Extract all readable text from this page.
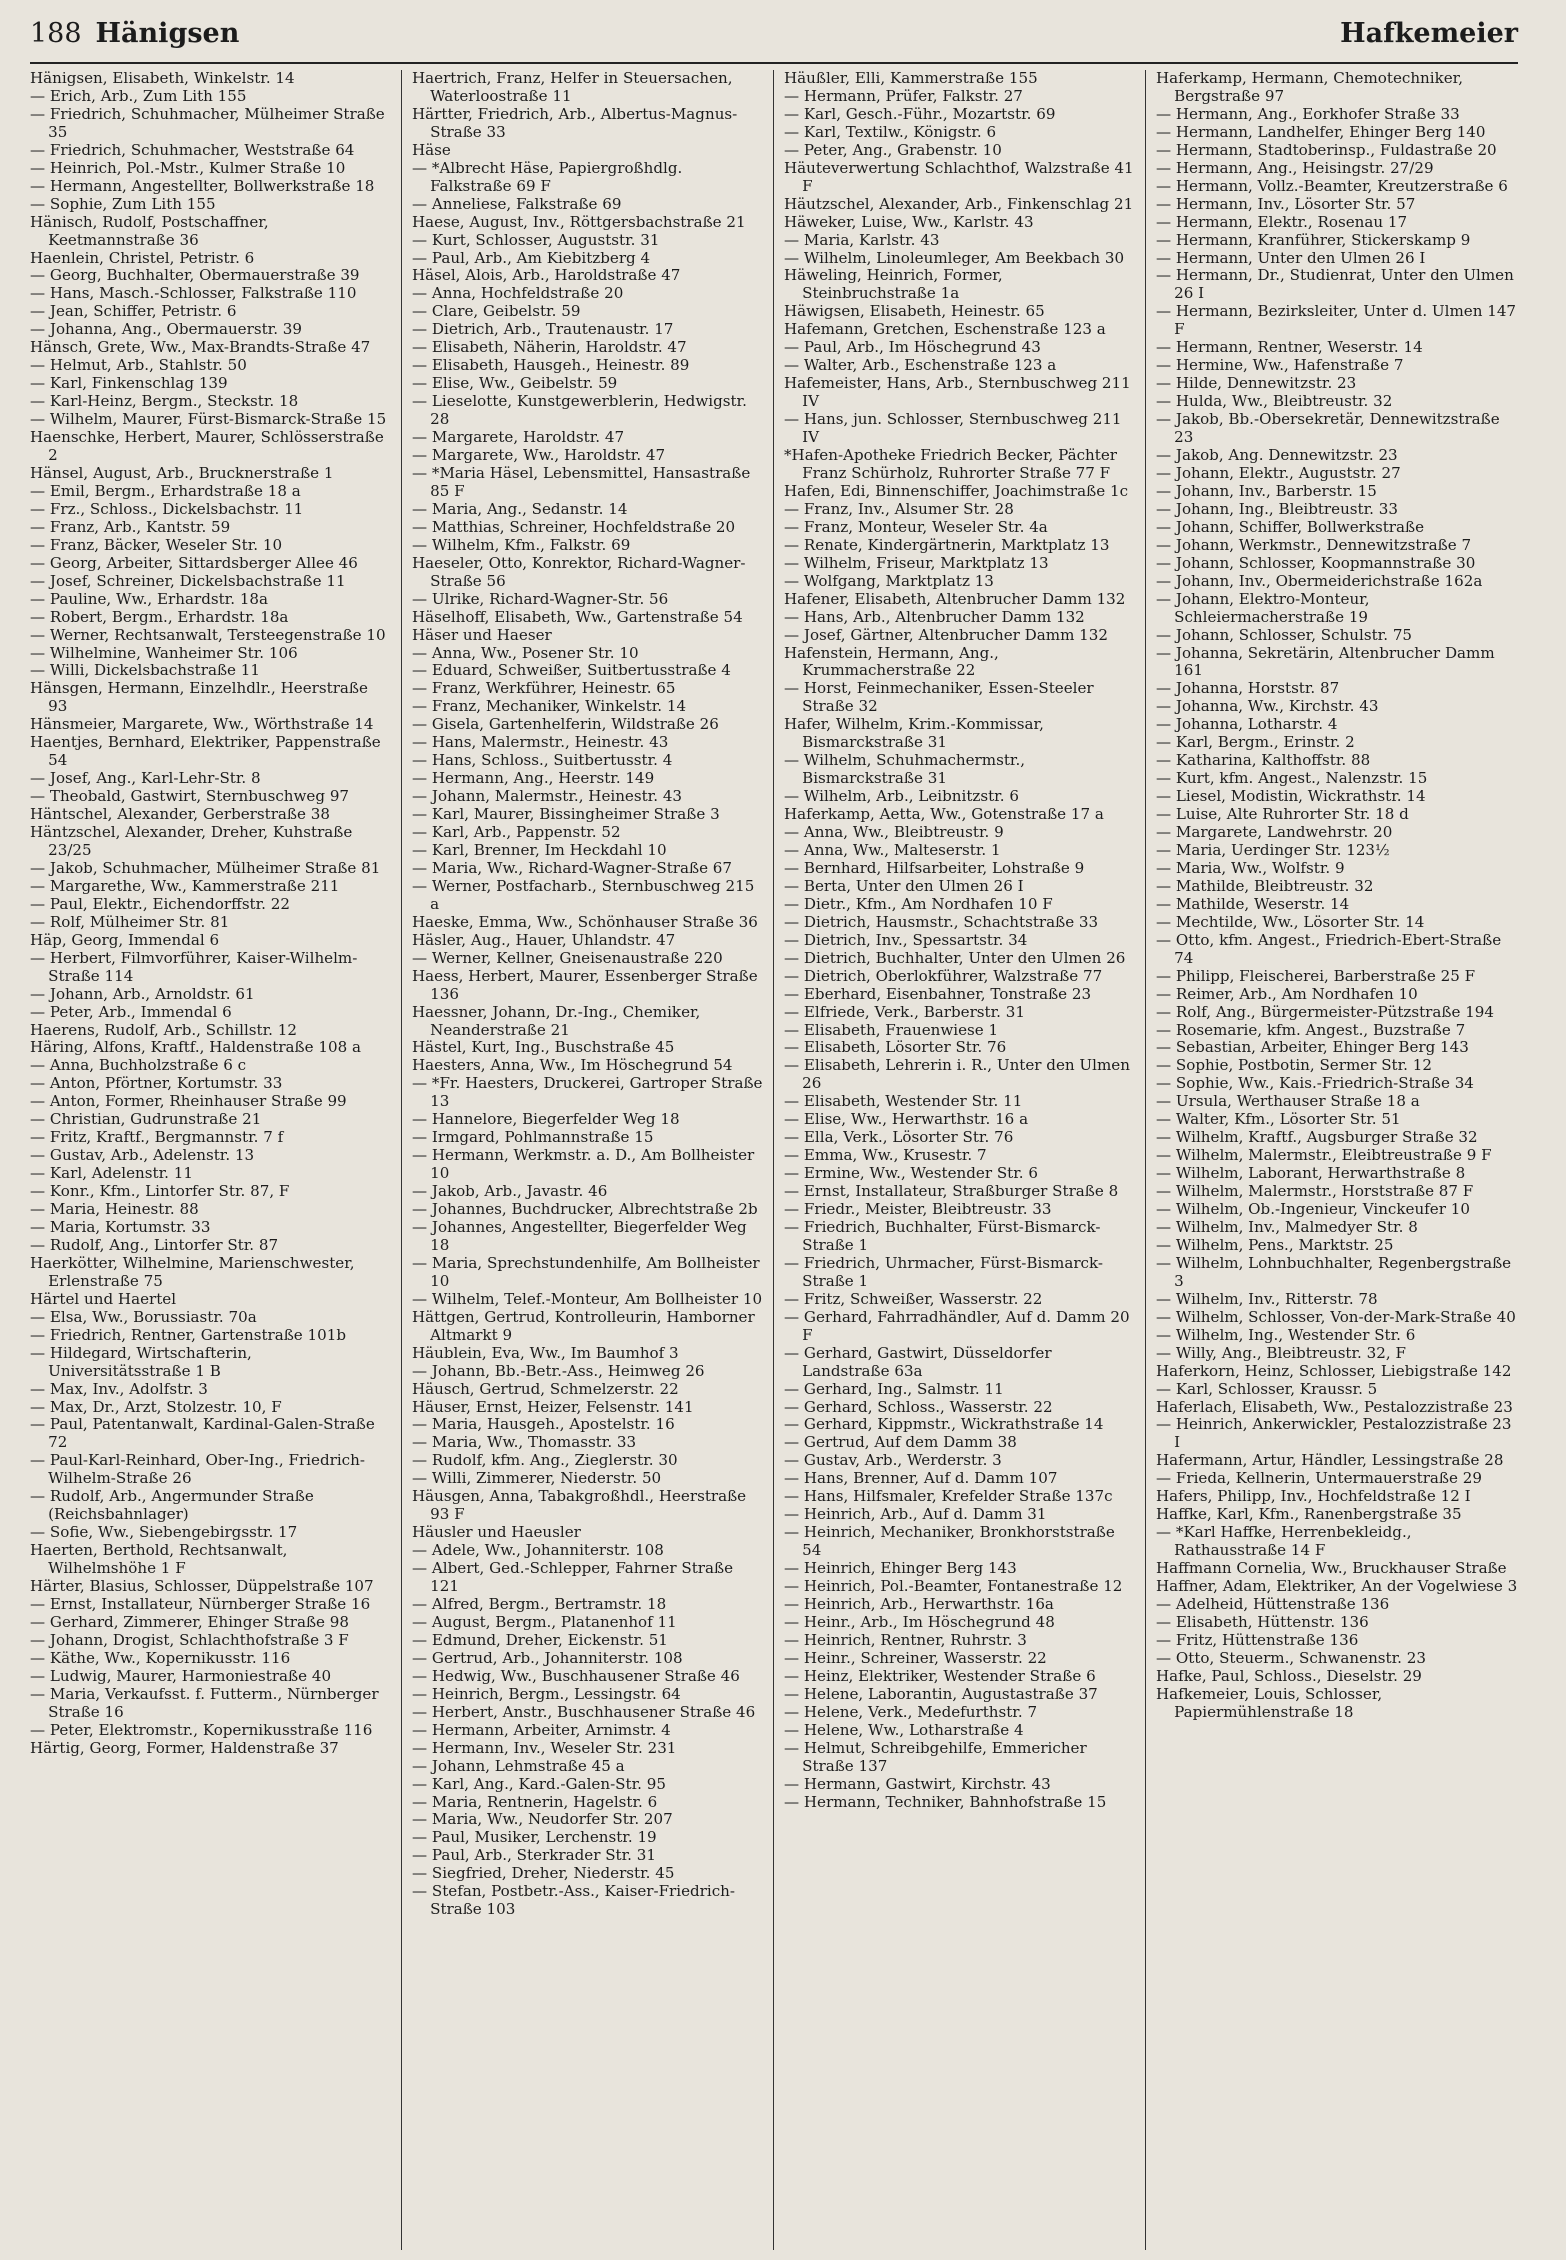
188 Hänigsen	Hafkemeier
Hänigsen, Elisabeth, Winkelstr. 14
— Erich, Arb., Zum Lith 155
— Friedrich, Schuhmacher, Mülheimer Straße 35
— Friedrich, Schuhmacher, Weststraße 64
— Heinrich, Pol.-Mstr., Kulmer Straße 10
— Hermann, Angestellter, Bollwerkstraße 18
— Sophie, Zum Lith 155
Hänisch, Rudolf, Postschaffner, Keetmannstraße 36
Haenlein, Christel, Petristr. 6
— Georg, Buchhalter, Obermauerstraße 39
— Hans, Masch.-Schlosser, Falkstraße 110
— Jean, Schiffer, Petristr. 6
— Johanna, Ang., Obermauerstr. 39
Hänsch, Grete, Ww., Max-Brandts-Straße 47
— Helmut, Arb., Stahlstr. 50
— Karl, Finkenschlag 139
— Karl-Heinz, Bergm., Steckstr. 18
— Wilhelm, Maurer, Fürst-Bismarck-Straße 15
Haenschke, Herbert, Maurer, Schlösserstraße 2
Hänsel, August, Arb., Brucknerstraße 1
— Emil, Bergm., Erhardstraße 18 a
— Frz., Schloss., Dickelsbachstr. 11
— Franz, Arb., Kantstr. 59
— Franz, Bäcker, Weseler Str. 10
— Georg, Arbeiter, Sittardsberger Allee 46
— Josef, Schreiner, Dickelsbachstraße 11
— Pauline, Ww., Erhardstr. 18a
— Robert, Bergm., Erhardstr. 18a
— Werner, Rechtsanwalt, Tersteegenstraße 10
— Wilhelmine, Wanheimer Str. 106
— Willi, Dickelsbachstraße 11
Hänsgen, Hermann, Einzelhdlr., Heerstraße 93
Hänsmeier, Margarete, Ww., Wörthstraße 14
Haentjes, Bernhard, Elektriker, Pappenstraße 54
— Josef, Ang., Karl-Lehr-Str. 8
— Theobald, Gastwirt, Sternbuschweg 97
Häntschel, Alexander, Gerberstraße 38
Häntzschel, Alexander, Dreher, Kuhstraße 23/25
— Jakob, Schuhmacher, Mülheimer Straße 81
— Margarethe, Ww., Kammerstraße 211
— Paul, Elektr., Eichendorffstr. 22
— Rolf, Mülheimer Str. 81
Häp, Georg, Immendal 6
— Herbert, Filmvorführer, Kaiser-Wilhelm-Straße 114
— Johann, Arb., Arnoldstr. 61
— Peter, Arb., Immendal 6
Haerens, Rudolf, Arb., Schillstr. 12
Häring, Alfons, Kraftf., Haldenstraße 108 a
— Anna, Buchholzstraße 6 c
— Anton, Pförtner, Kortumstr. 33
— Anton, Former, Rheinhauser Straße 99
— Christian, Gudrunstraße 21
— Fritz, Kraftf., Bergmannstr. 7 f
— Gustav, Arb., Adelenstr. 13
— Karl, Adelenstr. 11
— Konr., Kfm., Lintorfer Str. 87, F
— Maria, Heinestr. 88
— Maria, Kortumstr. 33
— Rudolf, Ang., Lintorfer Str. 87
Haerkötter, Wilhelmine, Marienschwester, Erlenstraße 75
Härtel und Haertel
— Elsa, Ww., Borussiastr. 70a
— Friedrich, Rentner, Gartenstraße 101b
— Hildegard, Wirtschafterin, Universitätsstraße 1 B
— Max, Inv., Adolfstr. 3
— Max, Dr., Arzt, Stolzestr. 10, F
— Paul, Patentanwalt, Kardinal-Galen-Straße 72
— Paul-Karl-Reinhard, Ober-Ing., Friedrich-Wilhelm-Straße 26
— Rudolf, Arb., Angermunder Straße (Reichsbahnlager)
— Sofie, Ww., Siebengebirgsstr. 17
Haerten, Berthold, Rechtsanwalt, Wilhelmshöhe 1 F
Härter, Blasius, Schlosser, Düppelstraße 107
— Ernst, Installateur, Nürnberger Straße 16
— Gerhard, Zimmerer, Ehinger Straße 98
— Johann, Drogist, Schlachthofstraße 3 F
— Käthe, Ww., Kopernikusstr. 116
— Ludwig, Maurer, Harmoniestraße 40
— Maria, Verkaufsst. f. Futterm., Nürnberger Straße 16
— Peter, Elektromstr., Kopernikusstraße 116
Härtig, Georg, Former, Haldenstraße 37
Haertrich, Franz, Helfer in Steuersachen, Waterloostraße 11
Härtter, Friedrich, Arb., Albertus-Magnus-Straße 33
Häse
— *Albrecht Häse, Papiergroßhdlg. Falkstraße 69 F
— Anneliese, Falkstraße 69
Haese, August, Inv., Röttgersbachstraße 21
— Kurt, Schlosser, Auguststr. 31
— Paul, Arb., Am Kiebitzberg 4
Häsel, Alois, Arb., Haroldstraße 47
— Anna, Hochfeldstraße 20
— Clare, Geibelstr. 59
— Dietrich, Arb., Trautenaustr. 17
— Elisabeth, Näherin, Haroldstr. 47
— Elisabeth, Hausgeh., Heinestr. 89
— Elise, Ww., Geibelstr. 59
— Lieselotte, Kunstgewerblerin, Hedwigstr. 28
— Margarete, Haroldstr. 47
— Margarete, Ww., Haroldstr. 47
— *Maria Häsel, Lebensmittel, Hansastraße 85 F
— Maria, Ang., Sedanstr. 14
— Matthias, Schreiner, Hochfeldstraße 20
— Wilhelm, Kfm., Falkstr. 69
Haeseler, Otto, Konrektor, Richard-Wagner-Straße 56
— Ulrike, Richard-Wagner-Str. 56
Häselhoff, Elisabeth, Ww., Gartenstraße 54
Häser und Haeser
— Anna, Ww., Posener Str. 10
— Eduard, Schweißer, Suitbertusstraße 4
— Franz, Werkführer, Heinestr. 65
— Franz, Mechaniker, Winkelstr. 14
— Gisela, Gartenhelferin, Wildstraße 26
— Hans, Malermstr., Heinestr. 43
— Hans, Schloss., Suitbertusstr. 4
— Hermann, Ang., Heerstr. 149
— Johann, Malermstr., Heinestr. 43
— Karl, Maurer, Bissingheimer Straße 3
— Karl, Arb., Pappenstr. 52
— Karl, Brenner, Im Heckdahl 10
— Maria, Ww., Richard-Wagner-Straße 67
— Werner, Postfacharb., Sternbuschweg 215 a
Haeske, Emma, Ww., Schönhauser Straße 36
Häsler, Aug., Hauer, Uhlandstr. 47
— Werner, Kellner, Gneisenaustraße 220
Haess, Herbert, Maurer, Essenberger Straße 136
Haessner, Johann, Dr.-Ing., Chemiker, Neanderstraße 21
Hästel, Kurt, Ing., Buschstraße 45
Haesters, Anna, Ww., Im Höschegrund 54
— *Fr. Haesters, Druckerei, Gartroper Straße 13
— Hannelore, Biegerfelder Weg 18
— Irmgard, Pohlmannstraße 15
— Hermann, Werkmstr. a. D., Am Bollheister 10
— Jakob, Arb., Javastr. 46
— Johannes, Buchdrucker, Albrechtstraße 2b
— Johannes, Angestellter, Biegerfelder Weg 18
— Maria, Sprechstundenhilfe, Am Bollheister 10
— Wilhelm, Telef.-Monteur, Am Bollheister 10
Hättgen, Gertrud, Kontrolleurin, Hamborner Altmarkt 9
Häublein, Eva, Ww., Im Baumhof 3
— Johann, Bb.-Betr.-Ass., Heimweg 26
Häusch, Gertrud, Schmelzerstr. 22
Häuser, Ernst, Heizer, Felsenstr. 141
— Maria, Hausgeh., Apostelstr. 16
— Maria, Ww., Thomasstr. 33
— Rudolf, kfm. Ang., Zieglerstr. 30
— Willi, Zimmerer, Niederstr. 50
Häusgen, Anna, Tabakgroßhdl., Heerstraße 93 F
Häusler und Haeusler
— Adele, Ww., Johanniterstr. 108
— Albert, Ged.-Schlepper, Fahrner Straße 121
— Alfred, Bergm., Bertramstr. 18
— August, Bergm., Platanenhof 11
— Edmund, Dreher, Eickenstr. 51
— Gertrud, Arb., Johanniterstr. 108
— Hedwig, Ww., Buschhausener Straße 46
— Heinrich, Bergm., Lessingstr. 64
— Herbert, Anstr., Buschhausener Straße 46
— Hermann, Arbeiter, Arnimstr. 4
— Hermann, Inv., Weseler Str. 231
— Johann, Lehmstraße 45 a
— Karl, Ang., Kard.-Galen-Str. 95
— Maria, Rentnerin, Hagelstr. 6
— Maria, Ww., Neudorfer Str. 207
— Paul, Musiker, Lerchenstr. 19
— Paul, Arb., Sterkrader Str. 31
— Siegfried, Dreher, Niederstr. 45
— Stefan, Postbetr.-Ass., Kaiser-Friedrich-Straße 103
Häußler, Elli, Kammerstraße 155
— Hermann, Prüfer, Falkstr. 27
— Karl, Gesch.-Führ., Mozartstr. 69
— Karl, Textilw., Königstr. 6
— Peter, Ang., Grabenstr. 10
Häuteverwertung Schlachthof, Walzstraße 41 F
Häutzschel, Alexander, Arb., Finkenschlag 21
Häweker, Luise, Ww., Karlstr. 43
— Maria, Karlstr. 43
— Wilhelm, Linoleumleger, Am Beekbach 30
Häweling, Heinrich, Former, Steinbruchstraße 1a
Häwigsen, Elisabeth, Heinestr. 65
Hafemann, Gretchen, Eschenstraße 123 a
— Paul, Arb., Im Höschegrund 43
— Walter, Arb., Eschenstraße 123 a
Hafemeister, Hans, Arb., Sternbuschweg 211 IV
— Hans, jun. Schlosser, Sternbuschweg 211 IV
*Hafen-Apotheke Friedrich Becker, Pächter Franz Schürholz, Ruhrorter Straße 77 F
Hafen, Edi, Binnenschiffer, Joachimstraße 1c
— Franz, Inv., Alsumer Str. 28
— Franz, Monteur, Weseler Str. 4a
— Renate, Kindergärtnerin, Marktplatz 13
— Wilhelm, Friseur, Marktplatz 13
— Wolfgang, Marktplatz 13
Hafener, Elisabeth, Altenbrucher Damm 132
— Hans, Arb., Altenbrucher Damm 132
— Josef, Gärtner, Altenbrucher Damm 132
Hafenstein, Hermann, Ang., Krummacherstraße 22
— Horst, Feinmechaniker, Essen-Steeler Straße 32
Hafer, Wilhelm, Krim.-Kommissar, Bismarckstraße 31
— Wilhelm, Schuhmachermstr., Bismarckstraße 31
— Wilhelm, Arb., Leibnitzstr. 6
Haferkamp, Aetta, Ww., Gotenstraße 17 a
— Anna, Ww., Bleibtreustr. 9
— Anna, Ww., Malteserstr. 1
— Bernhard, Hilfsarbeiter, Lohstraße 9
— Berta, Unter den Ulmen 26 I
— Dietr., Kfm., Am Nordhafen 10 F
— Dietrich, Hausmstr., Schachtstraße 33
— Dietrich, Inv., Spessartstr. 34
— Dietrich, Buchhalter, Unter den Ulmen 26
— Dietrich, Oberlokführer, Walzstraße 77
— Eberhard, Eisenbahner, Tonstraße 23
— Elfriede, Verk., Barberstr. 31
— Elisabeth, Frauenwiese 1
— Elisabeth, Lösorter Str. 76
— Elisabeth, Lehrerin i. R., Unter den Ulmen 26
— Elisabeth, Westender Str. 11
— Elise, Ww., Herwarthstr. 16 a
— Ella, Verk., Lösorter Str. 76
— Emma, Ww., Krusestr. 7
— Ermine, Ww., Westender Str. 6
— Ernst, Installateur, Straßburger Straße 8
— Friedr., Meister, Bleibtreustr. 33
— Friedrich, Buchhalter, Fürst-Bismarck-Straße 1
— Friedrich, Uhrmacher, Fürst-Bismarck-Straße 1
— Fritz, Schweißer, Wasserstr. 22
— Gerhard, Fahrradhändler, Auf d. Damm 20 F
— Gerhard, Gastwirt, Düsseldorfer Landstraße 63a
— Gerhard, Ing., Salmstr. 11
— Gerhard, Schloss., Wasserstr. 22
— Gerhard, Kippmstr., Wickrathstraße 14
— Gertrud, Auf dem Damm 38
— Gustav, Arb., Werderstr. 3
— Hans, Brenner, Auf d. Damm 107
— Hans, Hilfsmaler, Krefelder Straße 137c
— Heinrich, Arb., Auf d. Damm 31
— Heinrich, Mechaniker, Bronkhorststraße 54
— Heinrich, Ehinger Berg 143
— Heinrich, Pol.-Beamter, Fontanestraße 12
— Heinrich, Arb., Herwarthstr. 16a
— Heinr., Arb., Im Höschegrund 48
— Heinrich, Rentner, Ruhrstr. 3
— Heinr., Schreiner, Wasserstr. 22
— Heinz, Elektriker, Westender Straße 6
— Helene, Laborantin, Augustastraße 37
— Helene, Verk., Medefurthstr. 7
— Helene, Ww., Lotharstraße 4
— Helmut, Schreibgehilfe, Emmericher Straße 137
— Hermann, Gastwirt, Kirchstr. 43
— Hermann, Techniker, Bahnhofstraße 15
Haferkamp, Hermann, Chemotechniker, Bergstraße 97
— Hermann, Ang., Eorkhofer Straße 33
— Hermann, Landhelfer, Ehinger Berg 140
— Hermann, Stadtoberinsp., Fuldastraße 20
— Hermann, Ang., Heisingstr. 27/29
— Hermann, Vollz.-Beamter, Kreutzerstraße 6
— Hermann, Inv., Lösorter Str. 57
— Hermann, Elektr., Rosenau 17
— Hermann, Kranführer, Stickerskamp 9
— Hermann, Unter den Ulmen 26 I
— Hermann, Dr., Studienrat, Unter den Ulmen 26 I
— Hermann, Bezirksleiter, Unter d. Ulmen 147 F
— Hermann, Rentner, Weserstr. 14
— Hermine, Ww., Hafenstraße 7
— Hilde, Dennewitzstr. 23
— Hulda, Ww., Bleibtreustr. 32
— Jakob, Bb.-Obersekretär, Dennewitzstraße 23
— Jakob, Ang. Dennewitzstr. 23
— Johann, Elektr., Auguststr. 27
— Johann, Inv., Barberstr. 15
— Johann, Ing., Bleibtreustr. 33
— Johann, Schiffer, Bollwerkstraße
— Johann, Werkmstr., Dennewitzstraße 7
— Johann, Schlosser, Koopmannstraße 30
— Johann, Inv., Obermeiderichstraße 162a
— Johann, Elektro-Monteur, Schleiermacherstraße 19
— Johann, Schlosser, Schulstr. 75
— Johanna, Sekretärin, Altenbrucher Damm 161
— Johanna, Horststr. 87
— Johanna, Ww., Kirchstr. 43
— Johanna, Lotharstr. 4
— Karl, Bergm., Erinstr. 2
— Katharina, Kalthoffstr. 88
— Kurt, kfm. Angest., Nalenzstr. 15
— Liesel, Modistin, Wickrathstr. 14
— Luise, Alte Ruhrorter Str. 18 d
— Margarete, Landwehrstr. 20
— Maria, Uerdinger Str. 123½
— Maria, Ww., Wolfstr. 9
— Mathilde, Bleibtreustr. 32
— Mathilde, Weserstr. 14
— Mechtilde, Ww., Lösorter Str. 14
— Otto, kfm. Angest., Friedrich-Ebert-Straße 74
— Philipp, Fleischerei, Barberstraße 25 F
— Reimer, Arb., Am Nordhafen 10
— Rolf, Ang., Bürgermeister-Pützstraße 194
— Rosemarie, kfm. Angest., Buzstraße 7
— Sebastian, Arbeiter, Ehinger Berg 143
— Sophie, Postbotin, Sermer Str. 12
— Sophie, Ww., Kais.-Friedrich-Straße 34
— Ursula, Werthauser Straße 18 a
— Walter, Kfm., Lösorter Str. 51
— Wilhelm, Kraftf., Augsburger Straße 32
— Wilhelm, Malermstr., Eleibtreustraße 9 F
— Wilhelm, Laborant, Herwarthstraße 8
— Wilhelm, Malermstr., Horststraße 87 F
— Wilhelm, Ob.-Ingenieur, Vinckeufer 10
— Wilhelm, Inv., Malmedyer Str. 8
— Wilhelm, Pens., Marktstr. 25
— Wilhelm, Lohnbuchhalter, Regenbergstraße 3
— Wilhelm, Inv., Ritterstr. 78
— Wilhelm, Schlosser, Von-der-Mark-Straße 40
— Wilhelm, Ing., Westender Str. 6
— Willy, Ang., Bleibtreustr. 32, F
Haferkorn, Heinz, Schlosser, Liebigstraße 142
— Karl, Schlosser, Kraussr. 5
Haferlach, Elisabeth, Ww., Pestalozzistraße 23
— Heinrich, Ankerwickler, Pestalozzistraße 23 I
Hafermann, Artur, Händler, Lessingstraße 28
— Frieda, Kellnerin, Untermauerstraße 29
Hafers, Philipp, Inv., Hochfeldstraße 12 I
Haffke, Karl, Kfm., Ranenbergstraße 35
— *Karl Haffke, Herrenbekleidg., Rathausstraße 14 F
Haffmann Cornelia, Ww., Bruckhauser Straße
Haffner, Adam, Elektriker, An der Vogelwiese 3
— Adelheid, Hüttenstraße 136
— Elisabeth, Hüttenstr. 136
— Fritz, Hüttenstraße 136
— Otto, Steuerm., Schwanenstr. 23
Hafke, Paul, Schloss., Dieselstr. 29
Hafkemeier, Louis, Schlosser, Papiermühlenstraße 18
